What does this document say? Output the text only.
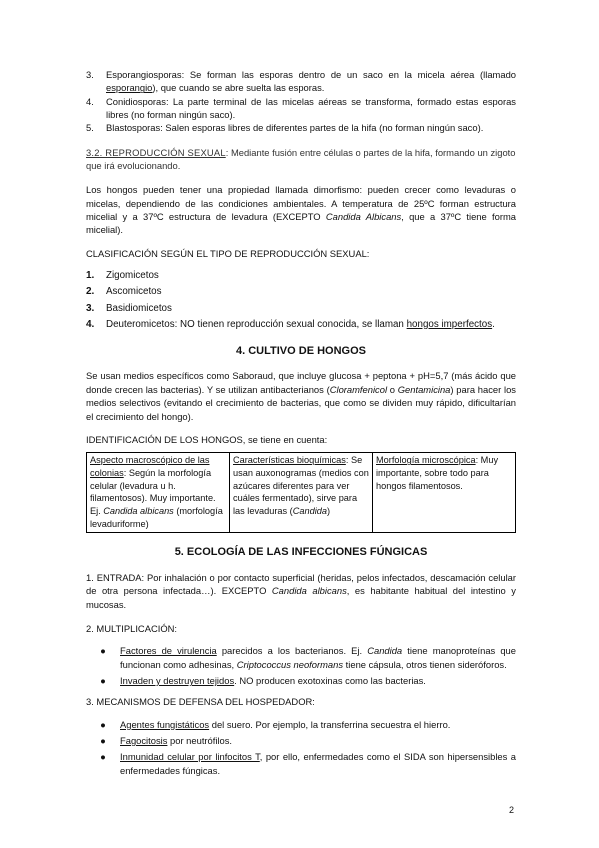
3.	Esporangiosporas: Se forman las esporas dentro de un saco en la micela aérea (llamado esporangio), que cuando se abre suelta las esporas.
4.	Conidiosporas: La parte terminal de las micelas aéreas se transforma, formado estas esporas libres (no forman ningún saco).
5.	Blastosporas: Salen esporas libres de diferentes partes de la hifa (no forman ningún saco).

3.2. REPRODUCCIÓN SEXUAL: Mediante fusión entre células o partes de la hifa, formando un zigoto que irá evolucionando.

Los hongos pueden tener una propiedad llamada dimorfismo: pueden crecer como levaduras o micelas, dependiendo de las condiciones ambientales. A temperatura de 25ºC forman estructura micelial y a 37ºC estructura de levadura (EXCEPTO Candida Albicans, que a 37ºC tiene forma micelial).

CLASIFICACIÓN SEGÚN EL TIPO DE REPRODUCCIÓN SEXUAL:

1.	Zigomicetos
2.	Ascomicetos
3.	Basidiomicetos
4.	Deuteromicetos: NO tienen reproducción sexual conocida, se llaman hongos imperfectos.
4. CULTIVO DE HONGOS

Se usan medios específicos como Saboraud, que incluye glucosa + peptona + pH=5,7 (más ácido que donde crecen las bacterias). Y se utilizan antibacterianos (Cloramfenicol o Gentamicina) para hacer los medios selectivos (evitando el crecimiento de bacterias, que como se dividen muy rápido, dificultarían el crecimiento del hongo).

IDENTIFICACIÓN DE LOS HONGOS, se tiene en cuenta:

Aspecto macroscópico de las colonias: Según la morfología celular (levadura u h. filamentosos). Muy importante. Ej. Candida albicans (morfología levaduriforme)	Características bioquímicas: Se usan auxonogramas (medios con azúcares diferentes para ver cuáles fermentado), sirve para las levaduras (Candida)	Morfología microscópica: Muy importante, sobre todo para hongos filamentosos.
5. ECOLOGÍA DE LAS INFECCIONES FÚNGICAS

1. ENTRADA: Por inhalación o por contacto superficial (heridas, pelos infectados, descamación celular de otra persona infectada…). EXCEPTO Candida albicans, es habitante habitual del intestino y mucosas.

2. MULTIPLICACIÓN:

●	Factores de virulencia parecidos a los bacterianos. Ej. Candida tiene manoproteínas que funcionan como adhesinas, Criptococcus neoformans tiene cápsula, otros tienen sideróforos.
●	Invaden y destruyen tejidos. NO producen exotoxinas como las bacterias.

3. MECANISMOS DE DEFENSA DEL HOSPEDADOR:

●	Agentes fungistáticos del suero. Por ejemplo, la transferrina secuestra el hierro.
●	Fagocitosis por neutrófilos.
●	Inmunidad celular por linfocitos T, por ello, enfermedades como el SIDA son hipersensibles a enfermedades fúngicas.
2
